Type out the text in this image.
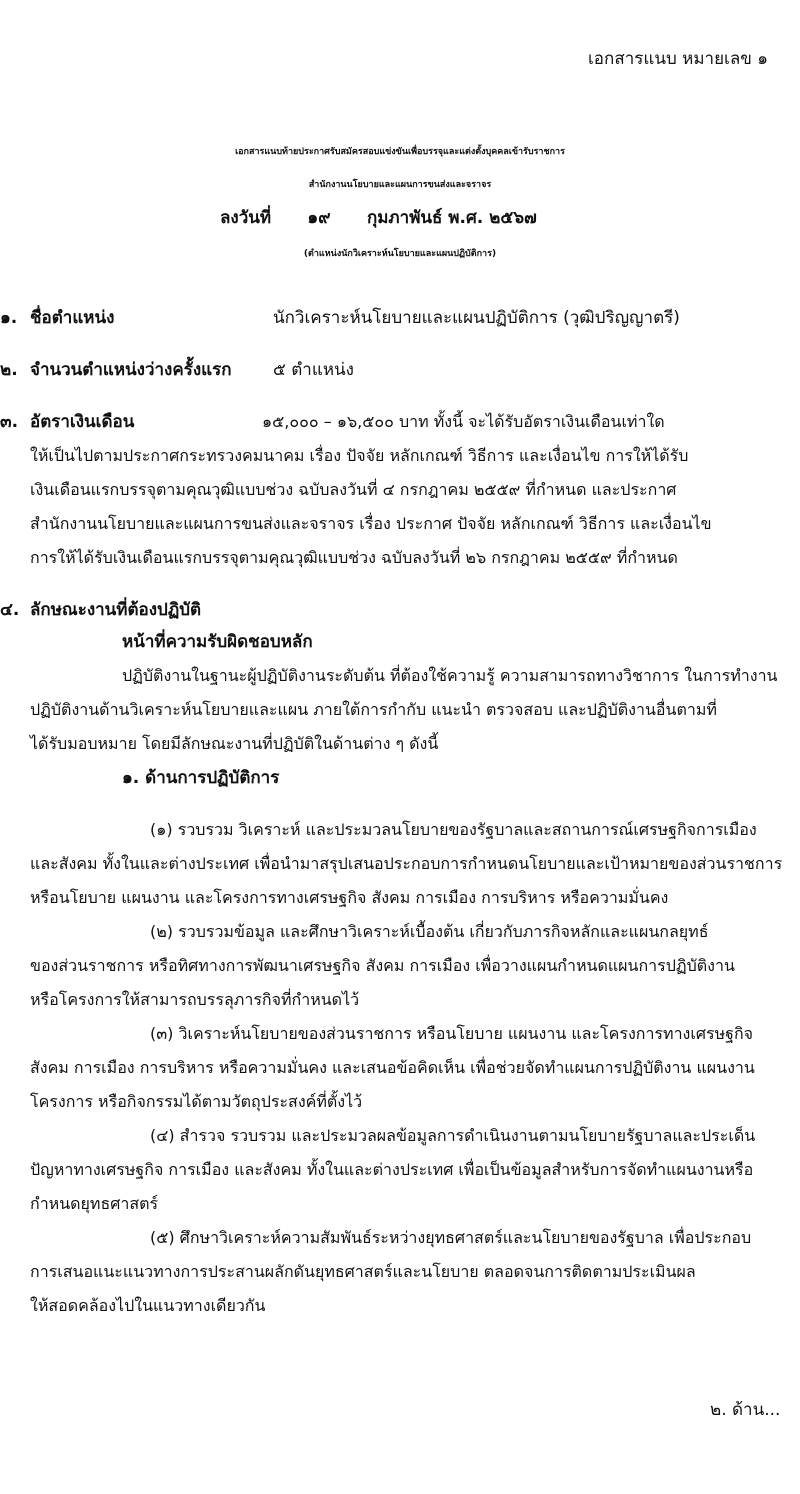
เอกสารแนบ หมายเลข ๑
เอกสารแนบท้ายประกาศรับสมัครสอบแข่งขันเพื่อบรรจุและแต่งตั้งบุคคลเข้ารับราชการ
สำนักงานนโยบายและแผนการขนส่งและจราจร
ลงวันที่ ๑๙ กุมภาพันธ์ พ.ศ. ๒๕๖๗
(ตำแหน่งนักวิเคราะห์นโยบายและแผนปฏิบัติการ)
๑. ชื่อตำแหน่ง	นักวิเคราะห์นโยบายและแผนปฏิบัติการ (วุฒิปริญญาตรี)
๒. จำนวนตำแหน่งว่างครั้งแรก ๕ ตำแหน่ง
๓. อัตราเงินเดือน	๑๕,๐๐๐ – ๑๖,๕๐๐ บาท ทั้งนี้ จะได้รับอัตราเงินเดือนเท่าใด
ให้เป็นไปตามประกาศกระทรวงคมนาคม เรื่อง ปัจจัย หลักเกณฑ์ วิธีการ และเงื่อนไข การให้ได้รับ
เงินเดือนแรกบรรจุตามคุณวุฒิแบบช่วง ฉบับลงวันที่ ๔ กรกฎาคม ๒๕๕๙ ที่กำหนด และประกาศ
สำนักงานนโยบายและแผนการขนส่งและจราจร เรื่อง ประกาศ ปัจจัย หลักเกณฑ์ วิธีการ และเงื่อนไข
การให้ได้รับเงินเดือนแรกบรรจุตามคุณวุฒิแบบช่วง ฉบับลงวันที่ ๒๖ กรกฎาคม ๒๕๕๙ ที่กำหนด
๔. ลักษณะงานที่ต้องปฏิบัติ
หน้าที่ความรับผิดชอบหลัก
ปฏิบัติงานในฐานะผู้ปฏิบัติงานระดับต้น ที่ต้องใช้ความรู้ ความสามารถทางวิชาการ ในการทำงาน
ปฏิบัติงานด้านวิเคราะห์นโยบายและแผน ภายใต้การกำกับ แนะนำ ตรวจสอบ และปฏิบัติงานอื่นตามที่
ได้รับมอบหมาย โดยมีลักษณะงานที่ปฏิบัติในด้านต่าง ๆ ดังนี้
๑. ด้านการปฏิบัติการ
(๑) รวบรวม วิเคราะห์ และประมวลนโยบายของรัฐบาลและสถานการณ์เศรษฐกิจการเมือง
และสังคม ทั้งในและต่างประเทศ เพื่อนำมาสรุปเสนอประกอบการกำหนดนโยบายและเป้าหมายของส่วนราชการ
หรือนโยบาย แผนงาน และโครงการทางเศรษฐกิจ สังคม การเมือง การบริหาร หรือความมั่นคง
(๒) รวบรวมข้อมูล และศึกษาวิเคราะห์เบื้องต้น เกี่ยวกับภารกิจหลักและแผนกลยุทธ์
ของส่วนราชการ หรือทิศทางการพัฒนาเศรษฐกิจ สังคม การเมือง เพื่อวางแผนกำหนดแผนการปฏิบัติงาน
หรือโครงการให้สามารถบรรลุภารกิจที่กำหนดไว้
(๓) วิเคราะห์นโยบายของส่วนราชการ หรือนโยบาย แผนงาน และโครงการทางเศรษฐกิจ
สังคม การเมือง การบริหาร หรือความมั่นคง และเสนอข้อคิดเห็น เพื่อช่วยจัดทำแผนการปฏิบัติงาน แผนงาน
โครงการ หรือกิจกรรมได้ตามวัตถุประสงค์ที่ตั้งไว้
(๔) สำรวจ รวบรวม และประมวลผลข้อมูลการดำเนินงานตามนโยบายรัฐบาลและประเด็น
ปัญหาทางเศรษฐกิจ การเมือง และสังคม ทั้งในและต่างประเทศ เพื่อเป็นข้อมูลสำหรับการจัดทำแผนงานหรือ
กำหนดยุทธศาสตร์
(๕) ศึกษาวิเคราะห์ความสัมพันธ์ระหว่างยุทธศาสตร์และนโยบายของรัฐบาล เพื่อประกอบ
การเสนอแนะแนวทางการประสานผลักดันยุทธศาสตร์และนโยบาย ตลอดจนการติดตามประเมินผล
ให้สอดคล้องไปในแนวทางเดียวกัน
๒. ด้าน...
